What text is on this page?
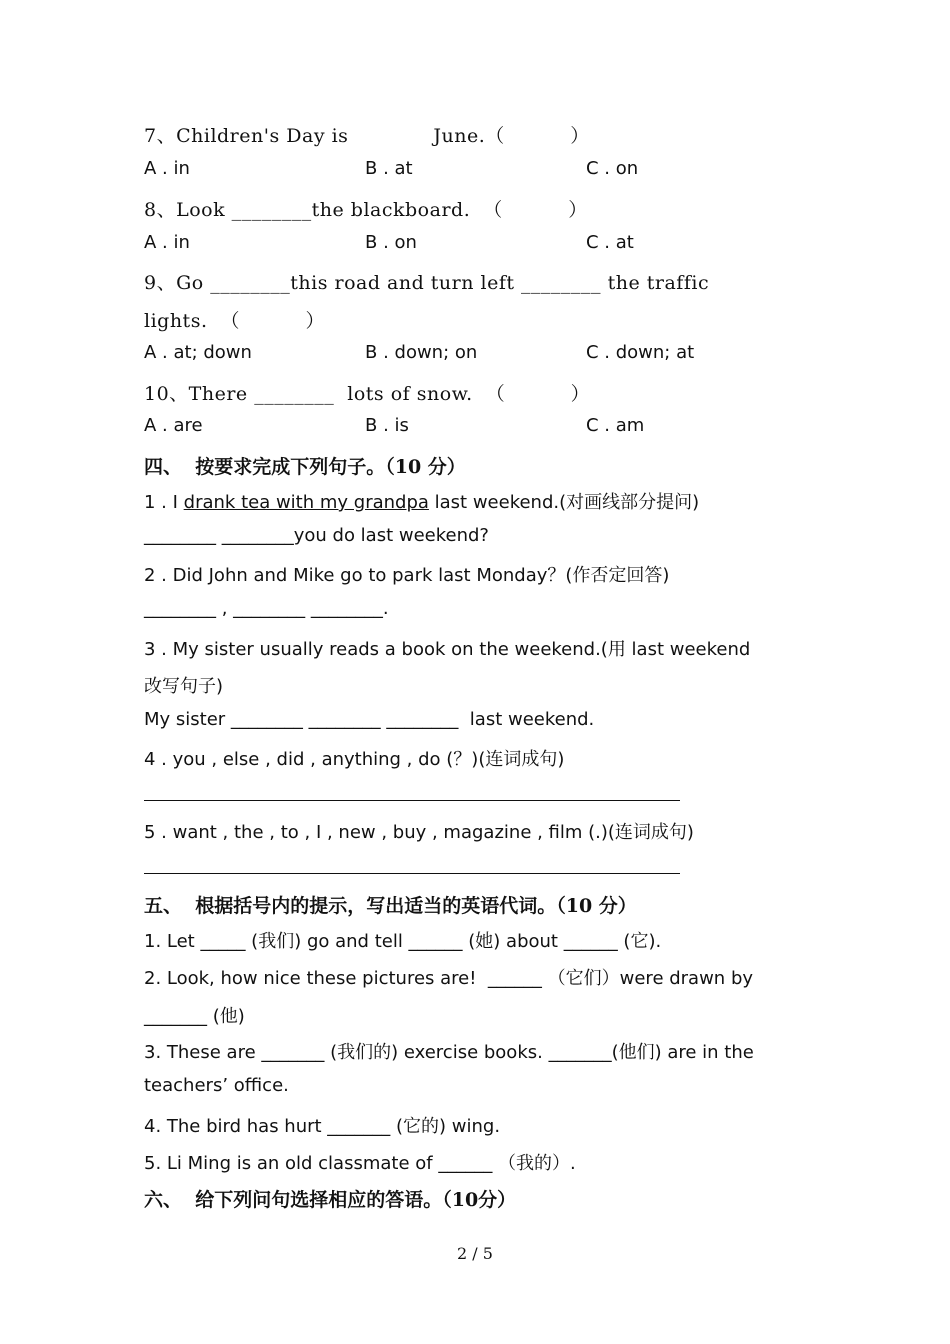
7、Children's Day is             June.（          ）
A . in	B . at	C . on
8、Look ________the blackboard.  （          ）
A . in	B . on	C . at
9、Go ________this road and turn left ________ the traffic
lights.  （          ）
A . at; down	B . down; on	C . down; at
10、There ________  lots of snow.  （          ）
A . are	B . is	C . am
四、  按要求完成下列句子。（10 分）
1 . I drank tea with my grandpa last weekend.(对画线部分提问)
________ ________you do last weekend?
2 . Did John and Mike go to park last Monday？(作否定回答)
________ , ________ ________.
3 . My sister usually reads a book on the weekend.(用 last weekend
改写句子)
My sister ________ ________ ________  last weekend.
4 . you , else , did , anything , do (？)(连词成句)
5 . want , the , to , I , new , buy , magazine , film (.)(连词成句)
五、  根据括号内的提示，写出适当的英语代词。（10 分）
1. Let _____ (我们) go and tell ______ (她) about ______ (它).
2. Look, how nice these pictures are!  ______ （它们）were drawn by
_______ (他)
3. These are _______ (我们的) exercise books. _______(他们) are in the
teachers’ office.
4. The bird has hurt _______ (它的) wing.
5. Li Ming is an old classmate of ______ （我的）.
六、  给下列问句选择相应的答语。（10分）
2 / 5
